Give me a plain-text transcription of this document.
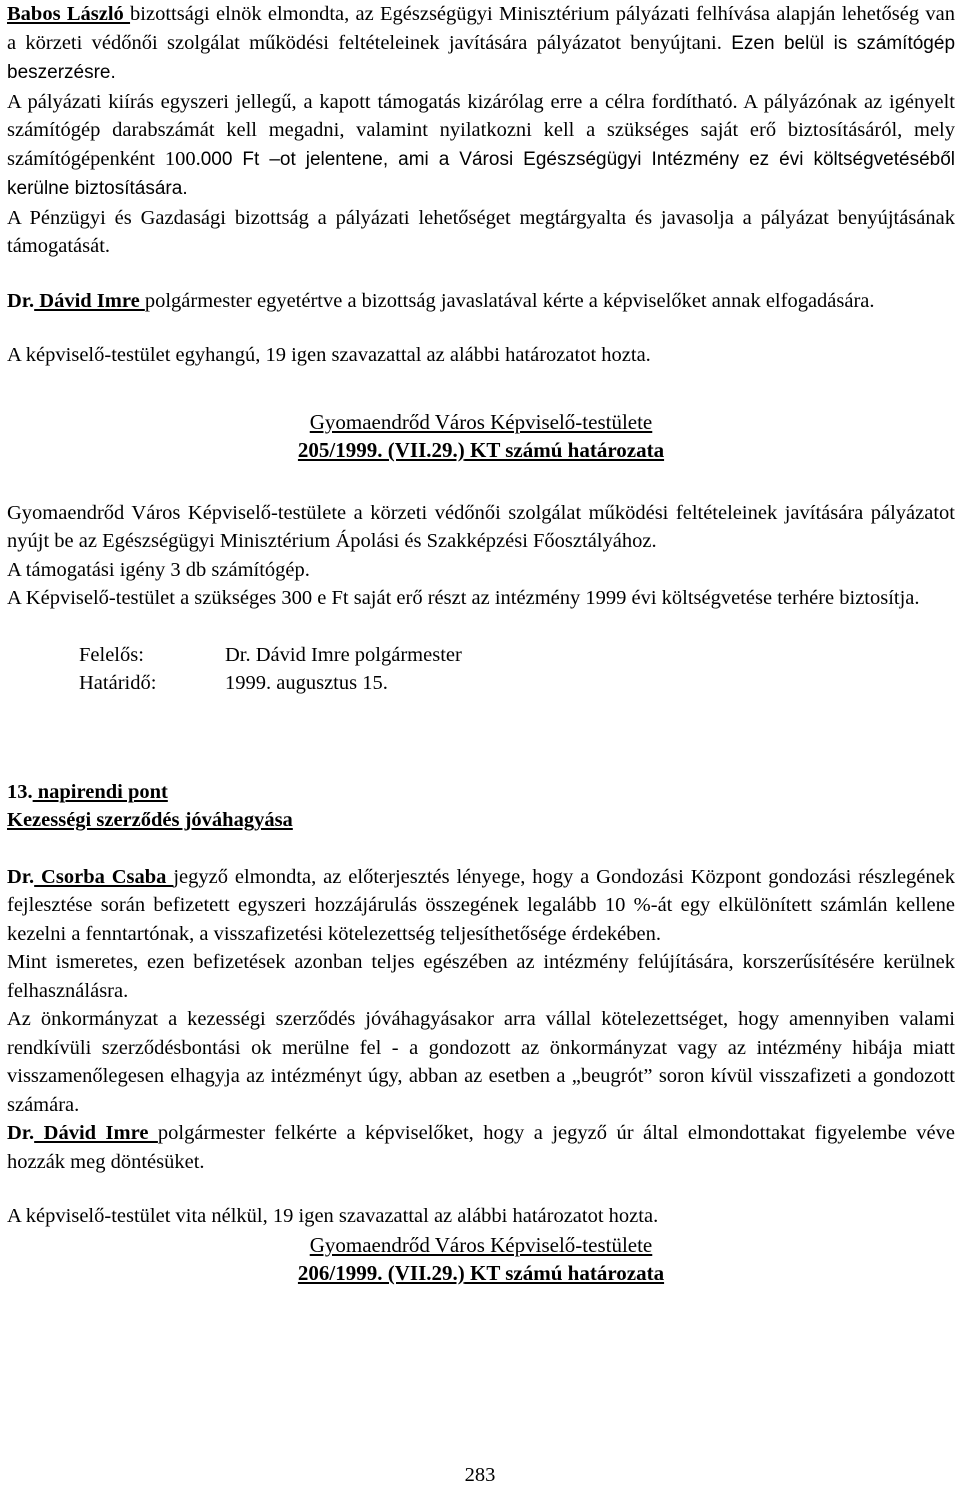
Babos László bizottsági elnök elmondta, az Egészségügyi Minisztérium pályázati felhívása alapján lehetőség van a körzeti védőnői szolgálat működési feltételeinek javítására pályázatot benyújtani. Ezen belül is számítógép beszerzésre.
A pályázati kiírás egyszeri jellegű, a kapott támogatás kizárólag erre a célra fordítható. A pályázónak az igényelt számítógép darabszámát kell megadni, valamint nyilatkozni kell a szükséges saját erő biztosításáról, mely számítógépenként 100.000 Ft –ot jelentene, ami a Városi Egészségügyi Intézmény ez évi költségvetéséből kerülne biztosítására.

A Pénzügyi és Gazdasági bizottság a pályázati lehetőséget megtárgyalta és javasolja a pályázat benyújtásának támogatását.

Dr. Dávid Imre polgármester egyetértve a bizottság javaslatával kérte a képviselőket annak elfogadására.

A képviselő-testület egyhangú, 19 igen szavazattal az alábbi határozatot hozta.

Gyomaendrőd Város Képviselő-testülete

205/1999. (VII.29.) KT számú határozata

Gyomaendrőd Város Képviselő-testülete a körzeti védőnői szolgálat működési feltételeinek javítására pályázatot nyújt be az Egészségügyi Minisztérium Ápolási és Szakképzési Főosztályához.

A támogatási igény 3 db számítógép.

A Képviselő-testület a szükséges 300 e Ft saját erő részt az intézmény 1999 évi költségvetése terhére biztosítja.

Felelős:	Dr. Dávid Imre polgármester
Határidő:	1999. augusztus 15.

13. napirendi pont

Kezességi szerződés jóváhagyása

Dr. Csorba Csaba jegyző elmondta, az előterjesztés lényege, hogy a Gondozási Központ gondozási részlegének fejlesztése során befizetett egyszeri hozzájárulás összegének legalább 10 %-át egy elkülönített számlán kellene kezelni a fenntartónak, a visszafizetési kötelezettség teljesíthetősége érdekében.

Mint ismeretes, ezen befizetések azonban teljes egészében az intézmény felújítására, korszerűsítésére kerülnek felhasználásra.

Az önkormányzat a kezességi szerződés jóváhagyásakor arra vállal kötelezettséget, hogy amennyiben valami rendkívüli szerződésbontási ok merülne fel - a gondozott az önkormányzat vagy az intézmény hibája miatt visszamenőlegesen elhagyja az intézményt úgy, abban az esetben a „beugrót” soron kívül visszafizeti a gondozott számára.

Dr. Dávid Imre polgármester felkérte a képviselőket, hogy a jegyző úr által elmondottakat figyelembe véve hozzák meg döntésüket.

A képviselő-testület vita nélkül, 19 igen szavazattal az alábbi határozatot hozta.

Gyomaendrőd Város Képviselő-testülete

206/1999. (VII.29.) KT számú határozata

283
